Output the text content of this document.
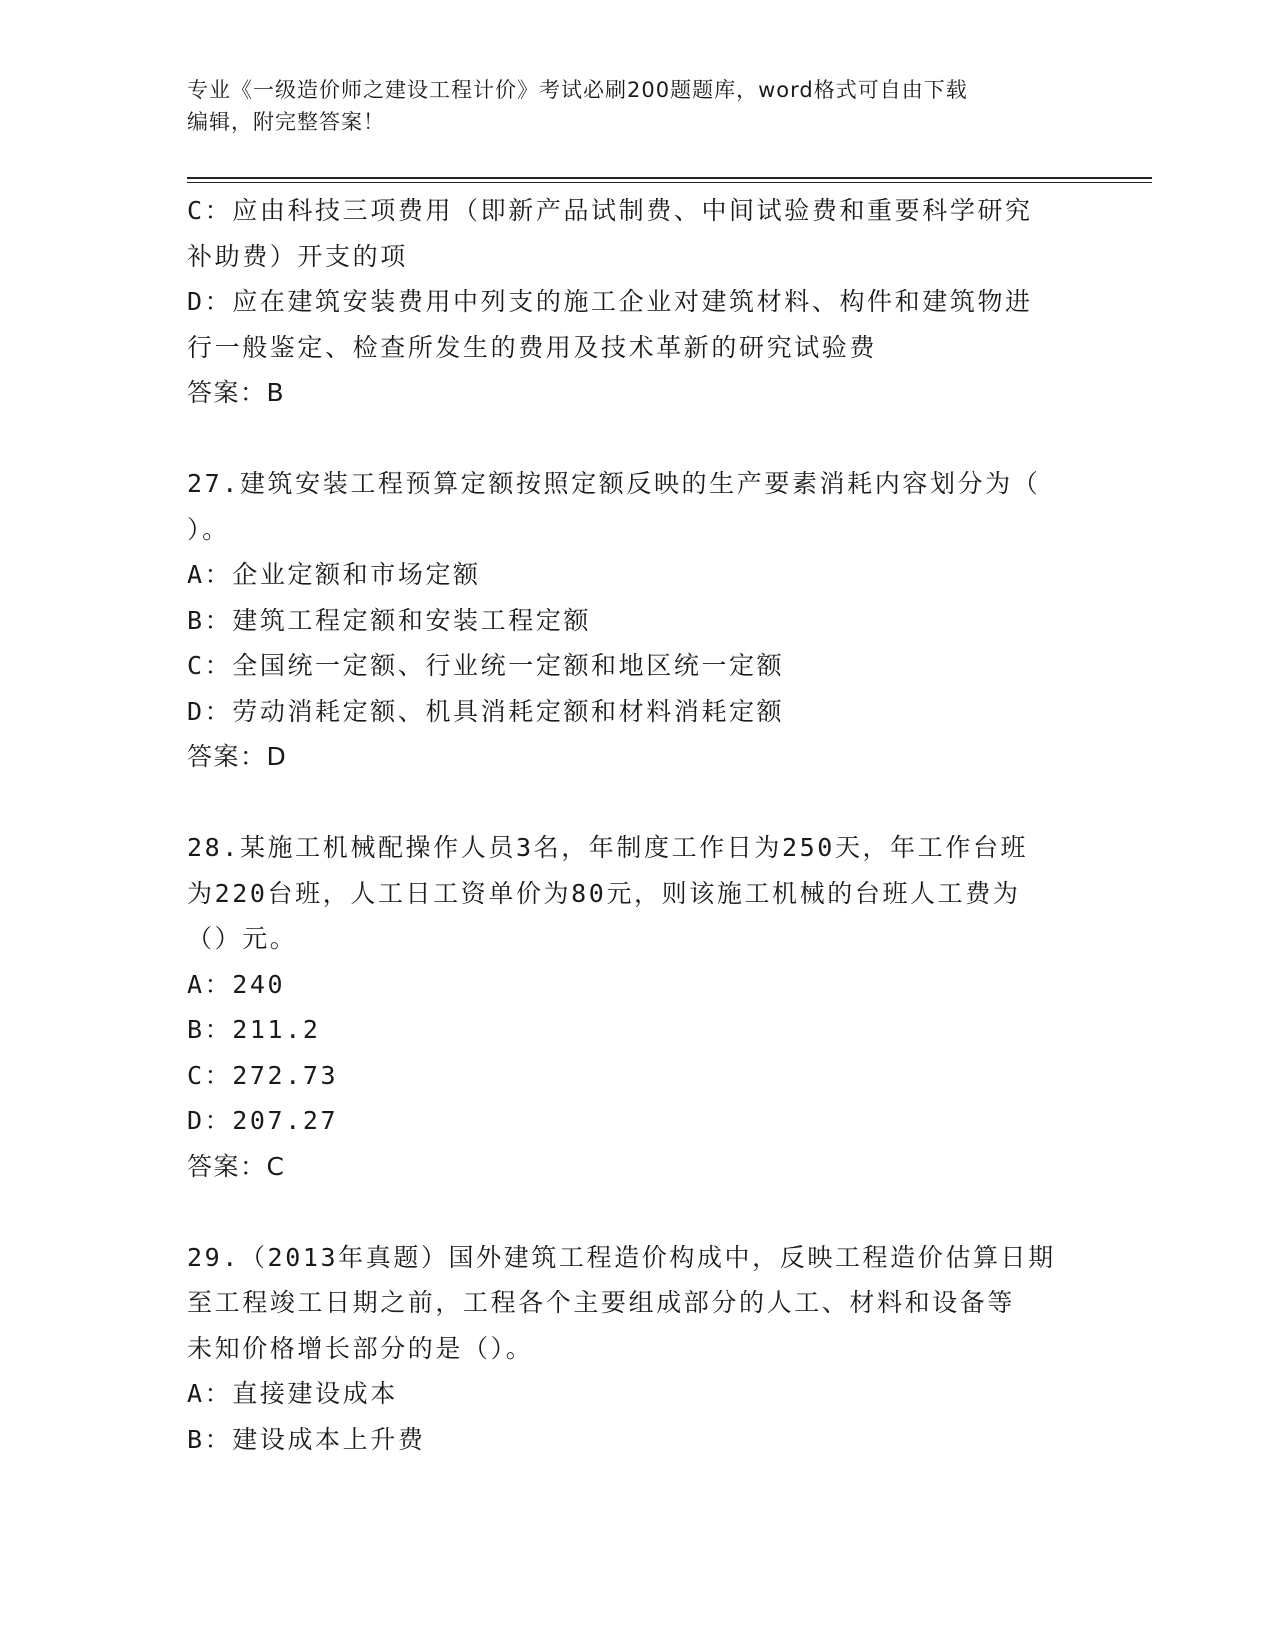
专业《一级造价师之建设工程计价》考试必刷200题题库，word格式可自由下载
编辑，附完整答案！
C：应由科技三项费用（即新产品试制费、中间试验费和重要科学研究
补助费）开支的项
D：应在建筑安装费用中列支的施工企业对建筑材料、构件和建筑物进
行一般鉴定、检查所发生的费用及技术革新的研究试验费
答案：B
27.建筑安装工程预算定额按照定额反映的生产要素消耗内容划分为（
）。
A：企业定额和市场定额
B：建筑工程定额和安装工程定额
C：全国统一定额、行业统一定额和地区统一定额
D：劳动消耗定额、机具消耗定额和材料消耗定额
答案：D
28.某施工机械配操作人员3名，年制度工作日为250天，年工作台班
为220台班，人工日工资单价为80元，则该施工机械的台班人工费为
（）元。
A：240
B：211.2
C：272.73
D：207.27
答案：C
29.（2013年真题）国外建筑工程造价构成中，反映工程造价估算日期
至工程竣工日期之前，工程各个主要组成部分的人工、材料和设备等
未知价格增长部分的是（）。
A：直接建设成本
B：建设成本上升费
